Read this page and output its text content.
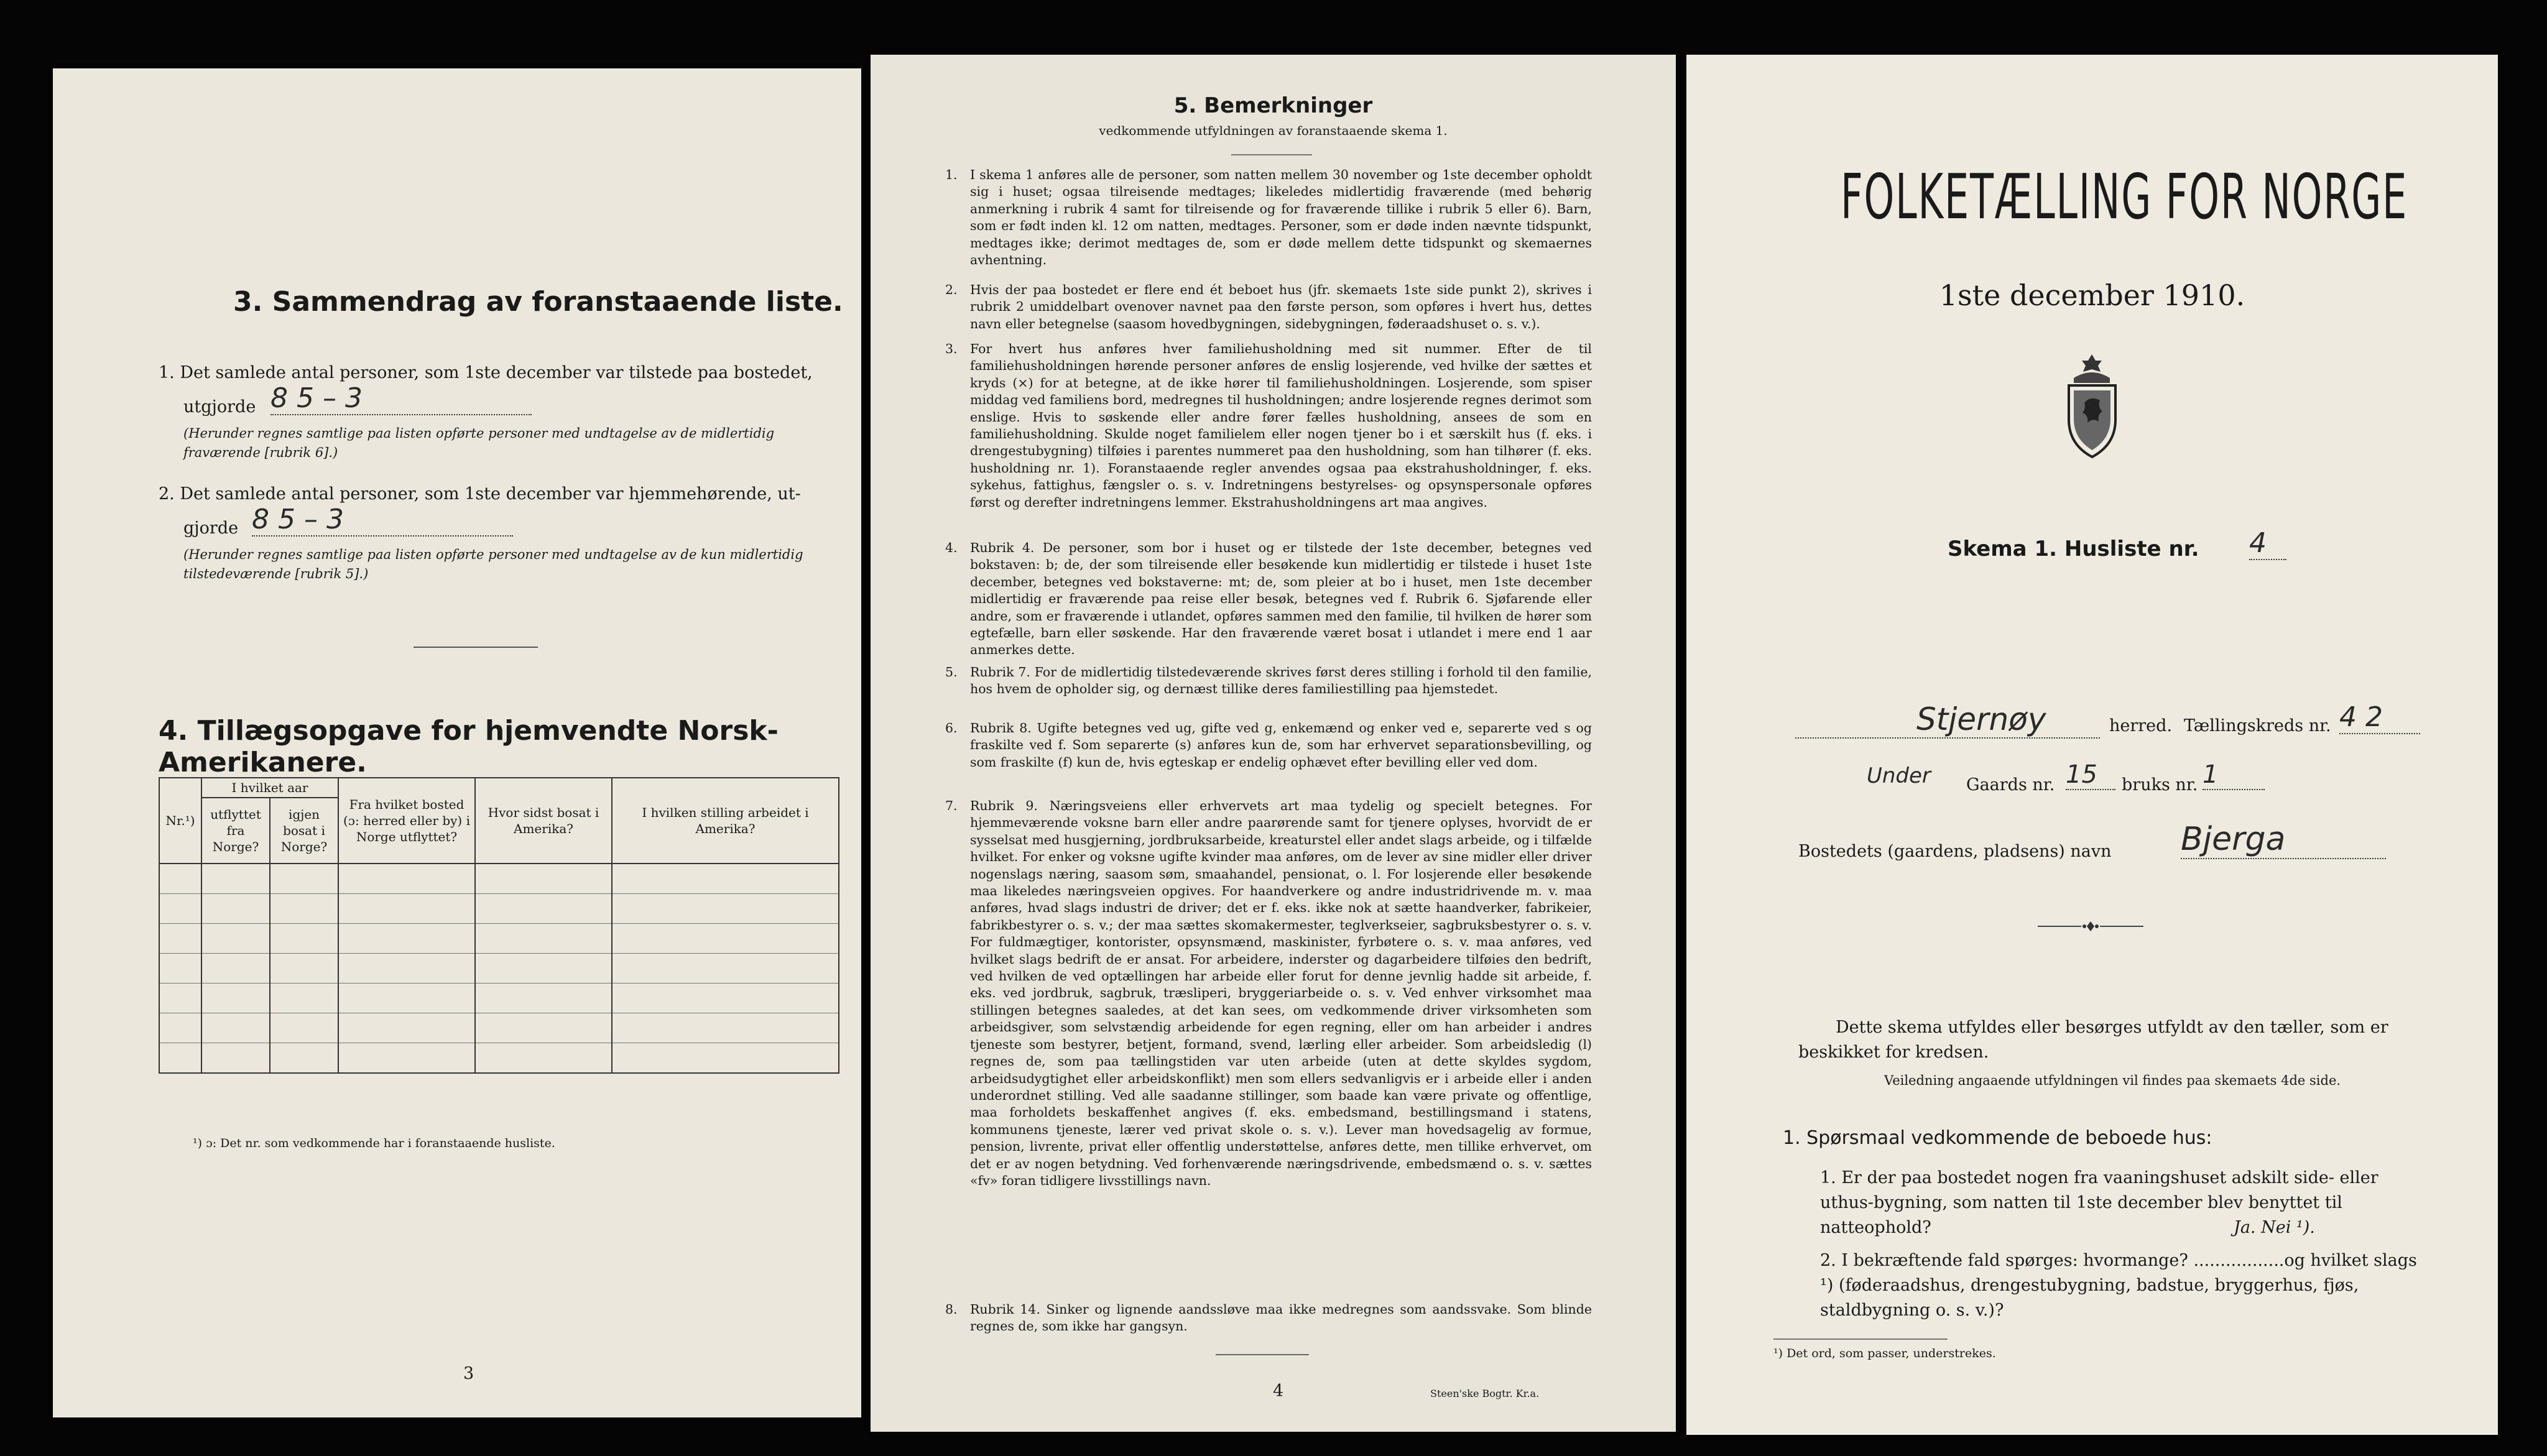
3. Sammendrag av foranstaaende liste.
1. Det samlede antal personer, som 1ste december var tilstede paa bostedet,
utgjorde 8 5 – 3
(Herunder regnes samtlige paa listen opførte personer med undtagelse av de midlertidig fraværende [rubrik 6].)
2. Det samlede antal personer, som 1ste december var hjemmehørende, ut-
gjorde 8 5 – 3
(Herunder regnes samtlige paa listen opførte personer med undtagelse av de kun midlertidig tilstedeværende [rubrik 5].)
4. Tillægsopgave for hjemvendte Norsk-Amerikanere.
Nr.¹)	I hvilket aar		Fra hvilket bosted (ɔ: herred eller by) i Norge utflyttet?	Hvor sidst bosat i Amerika?	I hvilken stilling arbeidet i Amerika?
	utflyttet fra Norge?	igjen bosat i Norge?			

¹) ɔ: Det nr. som vedkommende har i foranstaaende husliste.
3
5. Bemerkninger
vedkommende utfyldningen av foranstaaende skema 1.
1. I skema 1 anføres alle de personer, som natten mellem 30 november og 1ste december opholdt sig i huset; ogsaa tilreisende medtages; likeledes midlertidig fraværende (med behørig anmerkning i rubrik 4 samt for tilreisende og for fraværende tillike i rubrik 5 eller 6). Barn, som er født inden kl. 12 om natten, medtages. Personer, som er døde inden nævnte tidspunkt, medtages ikke; derimot medtages de, som er døde mellem dette tidspunkt og skemaernes avhentning.
2. Hvis der paa bostedet er flere end ét beboet hus (jfr. skemaets 1ste side punkt 2), skrives i rubrik 2 umiddelbart ovenover navnet paa den første person, som opføres i hvert hus, dettes navn eller betegnelse (saasom hovedbygningen, sidebygningen, føderaadshuset o. s. v.).
3. For hvert hus anføres hver familiehusholdning med sit nummer. Efter de til familiehusholdningen hørende personer anføres de enslig losjerende, ved hvilke der sættes et kryds (×) for at betegne, at de ikke hører til familiehusholdningen. Losjerende, som spiser middag ved familiens bord, medregnes til husholdningen; andre losjerende regnes derimot som enslige. Hvis to søskende eller andre fører fælles husholdning, ansees de som en familiehusholdning. Skulde noget familielem eller nogen tjener bo i et særskilt hus (f. eks. i drengestubygning) tilføies i parentes nummeret paa den husholdning, som han tilhører (f. eks. husholdning nr. 1). Foranstaaende regler anvendes ogsaa paa ekstrahusholdninger, f. eks. sykehus, fattighus, fængsler o. s. v. Indretningens bestyrelses- og opsynspersonale opføres først og derefter indretningens lemmer. Ekstrahusholdningens art maa angives.
4. Rubrik 4. De personer, som bor i huset og er tilstede der 1ste december, betegnes ved bokstaven: b; de, der som tilreisende eller besøkende kun midlertidig er tilstede i huset 1ste december, betegnes ved bokstaverne: mt; de, som pleier at bo i huset, men 1ste december midlertidig er fraværende paa reise eller besøk, betegnes ved f. Rubrik 6. Sjøfarende eller andre, som er fraværende i utlandet, opføres sammen med den familie, til hvilken de hører som egtefælle, barn eller søskende. Har den fraværende været bosat i utlandet i mere end 1 aar anmerkes dette.
5. Rubrik 7. For de midlertidig tilstedeværende skrives først deres stilling i forhold til den familie, hos hvem de opholder sig, og dernæst tillike deres familiestilling paa hjemstedet.
6. Rubrik 8. Ugifte betegnes ved ug, gifte ved g, enkemænd og enker ved e, separerte ved s og fraskilte ved f. Som separerte (s) anføres kun de, som har erhvervet separationsbevilling, og som fraskilte (f) kun de, hvis egteskap er endelig ophævet efter bevilling eller ved dom.
7. Rubrik 9. Næringsveiens eller erhvervets art maa tydelig og specielt betegnes. For hjemmeværende voksne barn eller andre paarørende samt for tjenere oplyses, hvorvidt de er sysselsat med husgjerning, jordbruksarbeide, kreaturstel eller andet slags arbeide, og i tilfælde hvilket. For enker og voksne ugifte kvinder maa anføres, om de lever av sine midler eller driver nogenslags næring, saasom søm, smaahandel, pensionat, o. l. For losjerende eller besøkende maa likeledes næringsveien opgives. For haandverkere og andre industridrivende m. v. maa anføres, hvad slags industri de driver; det er f. eks. ikke nok at sætte haandverker, fabrikeier, fabrikbestyrer o. s. v.; der maa sættes skomakermester, teglverkseier, sagbruksbestyrer o. s. v. For fuldmægtiger, kontorister, opsynsmænd, maskinister, fyrbøtere o. s. v. maa anføres, ved hvilket slags bedrift de er ansat. For arbeidere, inderster og dagarbeidere tilføies den bedrift, ved hvilken de ved optællingen har arbeide eller forut for denne jevnlig hadde sit arbeide, f. eks. ved jordbruk, sagbruk, træsliperi, bryggeriarbeide o. s. v. Ved enhver virksomhet maa stillingen betegnes saaledes, at det kan sees, om vedkommende driver virksomheten som arbeidsgiver, som selvstændig arbeidende for egen regning, eller om han arbeider i andres tjeneste som bestyrer, betjent, formand, svend, lærling eller arbeider. Som arbeidsledig (l) regnes de, som paa tællingstiden var uten arbeide (uten at dette skyldes sygdom, arbeidsudygtighet eller arbeidskonflikt) men som ellers sedvanligvis er i arbeide eller i anden underordnet stilling. Ved alle saadanne stillinger, som baade kan være private og offentlige, maa forholdets beskaffenhet angives (f. eks. embedsmand, bestillingsmand i statens, kommunens tjeneste, lærer ved privat skole o. s. v.). Lever man hovedsagelig av formue, pension, livrente, privat eller offentlig understøttelse, anføres dette, men tillike erhvervet, om det er av nogen betydning. Ved forhenværende næringsdrivende, embedsmænd o. s. v. sættes «fv» foran tidligere livsstillings navn.
8. Rubrik 14. Sinker og lignende aandssløve maa ikke medregnes som aandssvake. Som blinde regnes de, som ikke har gangsyn.
4	Steen'ske Bogtr. Kr.a.
FOLKETÆLLING FOR NORGE
1ste december 1910.
Skema 1. Husliste nr. 4
Stjernøy	herred. Tællingskreds nr. 4 2
Under Gaards nr. 15	bruks nr. 1
Bostedets (gaardens, pladsens) navn Bjerga
Dette skema utfyldes eller besørges utfyldt av den tæller, som er beskikket for kredsen.
Veiledning angaaende utfyldningen vil findes paa skemaets 4de side.
1. Spørsmaal vedkommende de beboede hus:
1. Er der paa bostedet nogen fra vaaningshuset adskilt side- eller uthus-bygning, som natten til 1ste december blev benyttet til natteophold?	Ja. Nei ¹).
2. I bekræftende fald spørges: hvormange? .................og hvilket slags ¹) (føderaadshus, drengestubygning, badstue, bryggerhus, fjøs, staldbygning o. s. v.)?
¹) Det ord, som passer, understrekes.
